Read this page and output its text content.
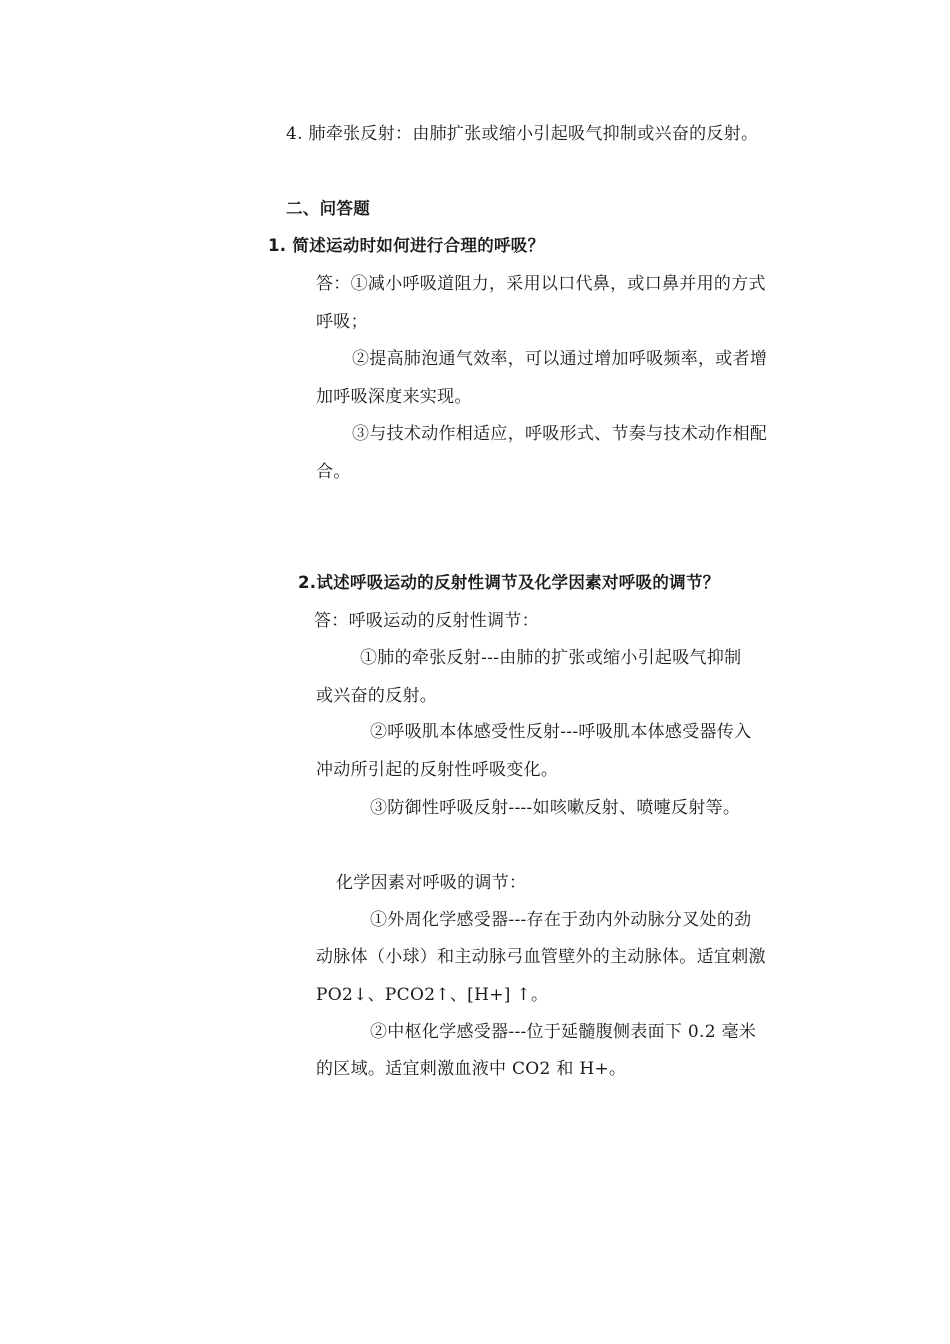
4. 肺牵张反射：由肺扩张或缩小引起吸气抑制或兴奋的反射。
二、问答题
1. 简述运动时如何进行合理的呼吸？
答：①减小呼吸道阻力，采用以口代鼻，或口鼻并用的方式
呼吸；
②提高肺泡通气效率，可以通过增加呼吸频率，或者增
加呼吸深度来实现。
③与技术动作相适应，呼吸形式、节奏与技术动作相配
合。
2.试述呼吸运动的反射性调节及化学因素对呼吸的调节？
答：呼吸运动的反射性调节：
①肺的牵张反射---由肺的扩张或缩小引起吸气抑制
或兴奋的反射。
②呼吸肌本体感受性反射---呼吸肌本体感受器传入
冲动所引起的反射性呼吸变化。
③防御性呼吸反射----如咳嗽反射、喷嚏反射等。
化学因素对呼吸的调节：
①外周化学感受器---存在于劲内外动脉分叉处的劲
动脉体（小球）和主动脉弓血管壁外的主动脉体。适宜刺激
PO2↓、PCO2↑、[H+] ↑。
②中枢化学感受器---位于延髓腹侧表面下 0.2 毫米
的区域。适宜刺激血液中 CO2 和 H+。
